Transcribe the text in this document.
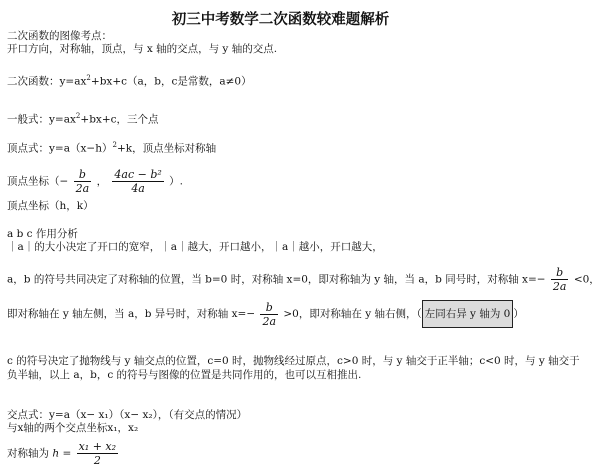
初三中考数学二次函数较难题解析
二次函数的图像考点：
开口方向，对称轴，顶点，与 x 轴的交点，与 y 轴的交点.
二次函数：$y=ax^2+bx+c(a$，b，c是常数，a≠0）
一般式：$y=ax^2+bx+c$，三个点
顶点式：$y=a(x-h)^2+k$，顶点坐标对称轴
顶点坐标（− $\frac{b}{2a}$ ， $\frac{\text{4ac − b²}}{4a}$ ）.
顶点坐标（h，k）
a b c 作用分析
｜a｜的大小决定了开口的宽窄，｜a｜越大，开口越小，｜a｜越小，开口越大，
a，b 的符号共同决定了对称轴的位置，当 b=0 时，对称轴 x=0，即对称轴为 y 轴，当 a，b 同号时，对称轴 $x=- \frac{b}{2a} <0$，
即对称轴在 y 轴左侧，当 a，b 异号时，对称轴 $x=- \frac{b}{2a} >0$，即对称轴在 y 轴右侧，（ 左同右异 y 轴为 0 ）
c 的符号决定了抛物线与 y 轴交点的位置，c=0 时，抛物线经过原点，c>0 时，与 y 轴交于正半轴；c<0 时，与 y 轴交于
负半轴，以上 a，b，c 的符号与图像的位置是共同作用的，也可以互相推出.
交点式：y=a（x− x₁）（x− x₂），（有交点的情况）
与x轴的两个交点坐标x₁，x₂
对称轴为 $h = \frac{\text{x₁ + x₂}}{2}$
